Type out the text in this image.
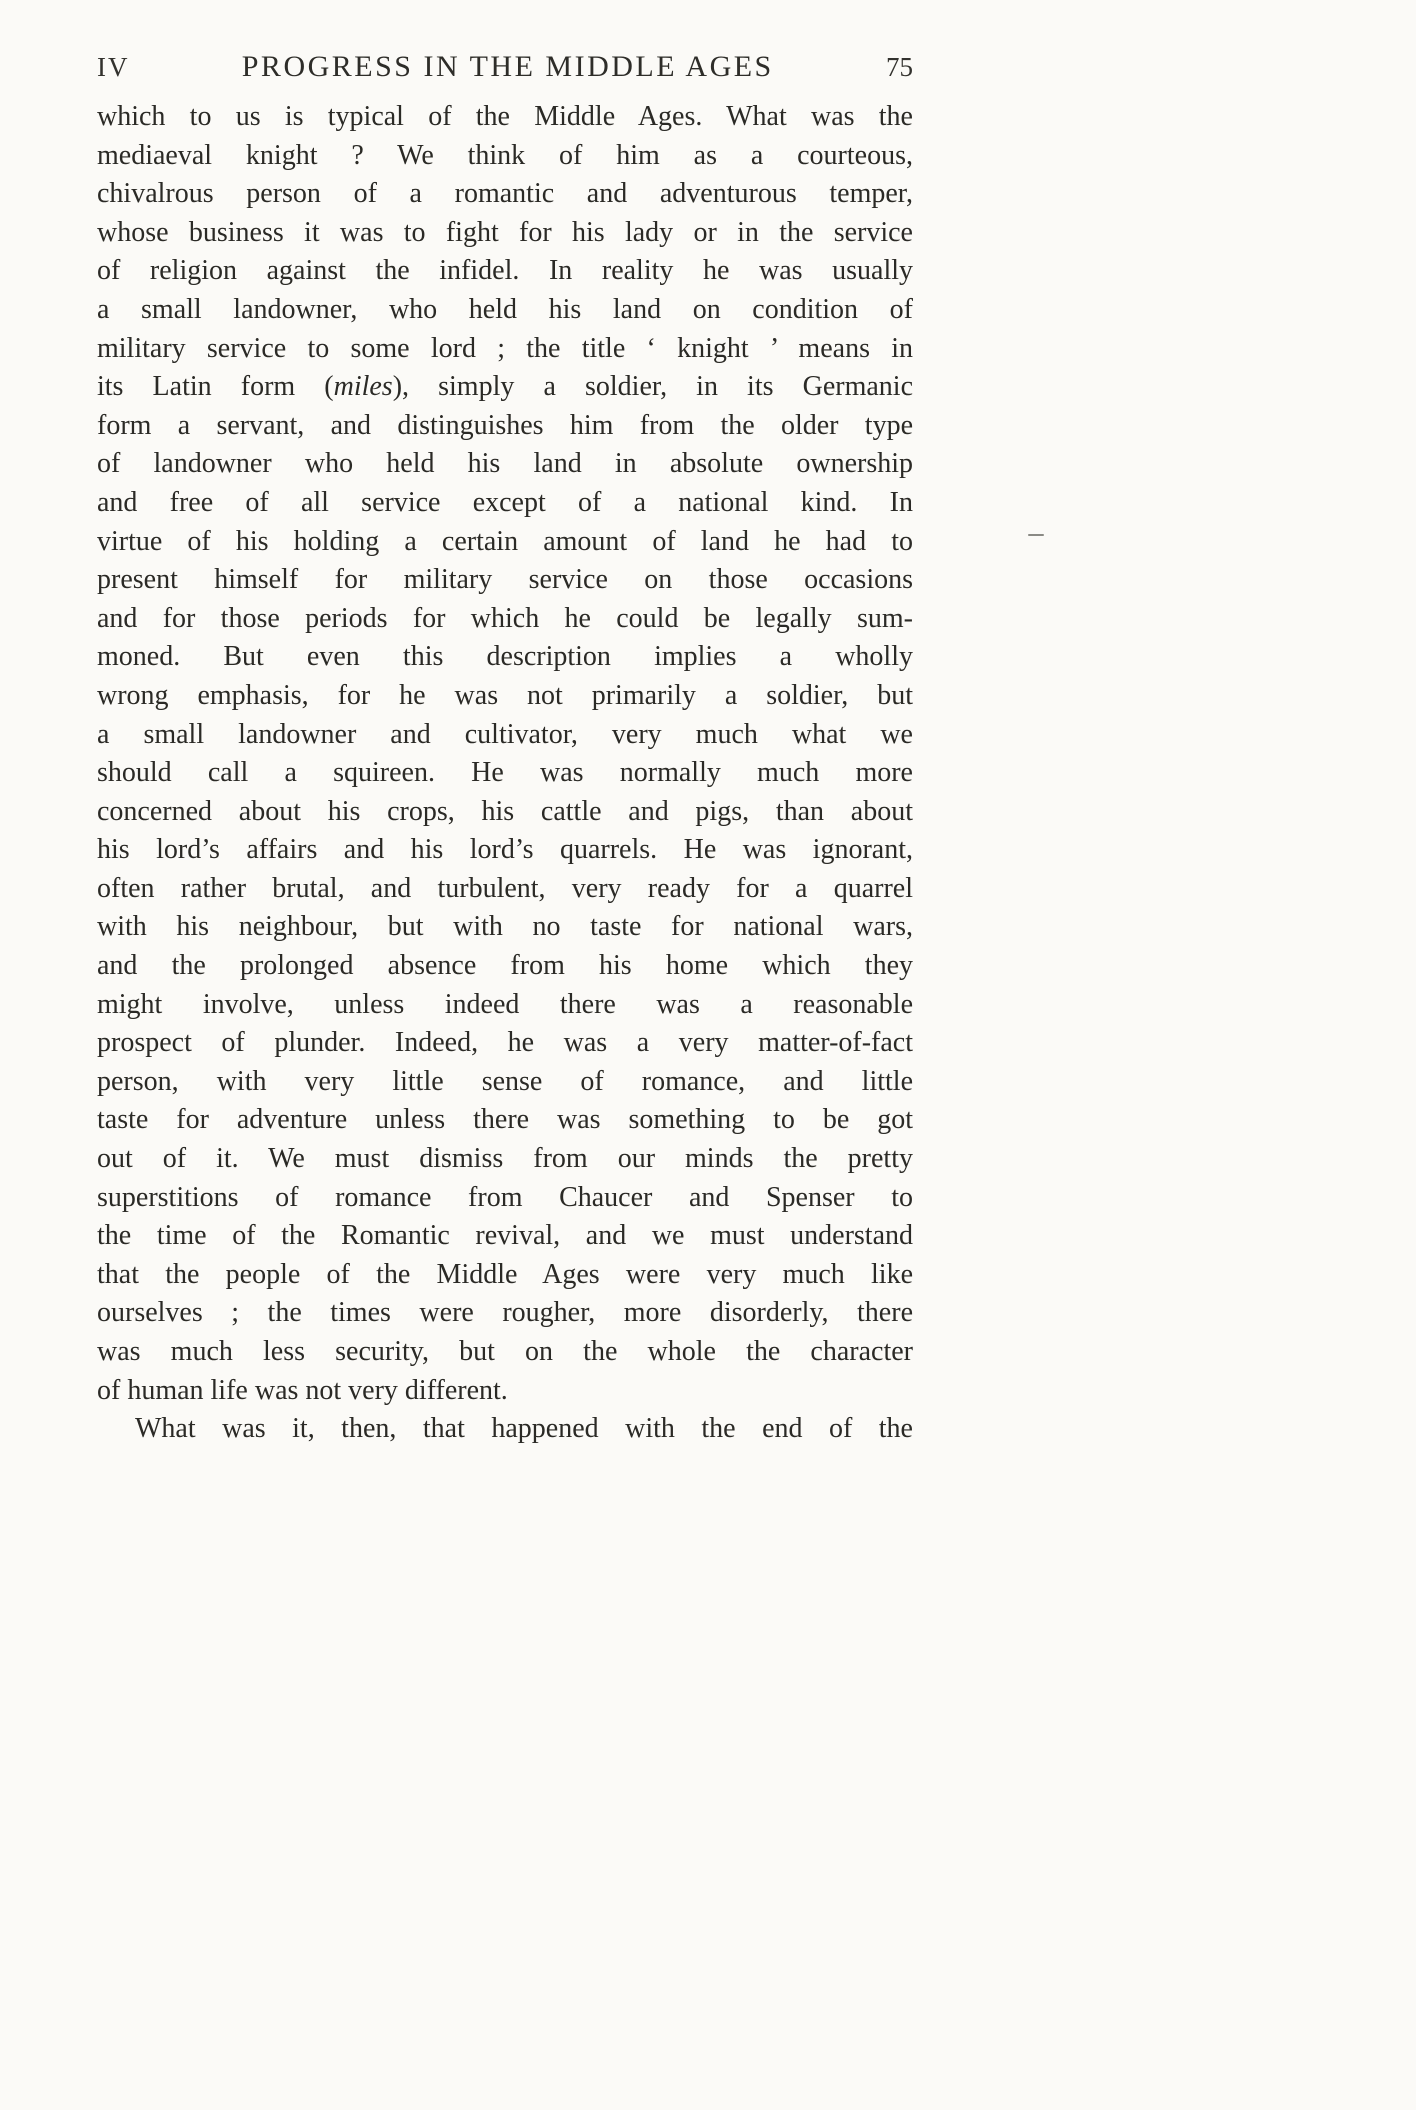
IV	PROGRESS IN THE MIDDLE AGES	75
which to us is typical of the Middle Ages. What was the
mediaeval knight ? We think of him as a courteous,
chivalrous person of a romantic and adventurous temper,
whose business it was to fight for his lady or in the service
of religion against the infidel. In reality he was usually
a small landowner, who held his land on condition of
military service to some lord ; the title ‘ knight ’ means in
its Latin form (miles), simply a soldier, in its Germanic
form a servant, and distinguishes him from the older type
of landowner who held his land in absolute ownership
and free of all service except of a national kind. In
virtue of his holding a certain amount of land he had to
present himself for military service on those occasions
and for those periods for which he could be legally sum-
moned. But even this description implies a wholly
wrong emphasis, for he was not primarily a soldier, but
a small landowner and cultivator, very much what we
should call a squireen. He was normally much more
concerned about his crops, his cattle and pigs, than about
his lord’s affairs and his lord’s quarrels. He was ignorant,
often rather brutal, and turbulent, very ready for a quarrel
with his neighbour, but with no taste for national wars,
and the prolonged absence from his home which they
might involve, unless indeed there was a reasonable
prospect of plunder. Indeed, he was a very matter-of-fact
person, with very little sense of romance, and little
taste for adventure unless there was something to be got
out of it. We must dismiss from our minds the pretty
superstitions of romance from Chaucer and Spenser to
the time of the Romantic revival, and we must understand
that the people of the Middle Ages were very much like
ourselves ; the times were rougher, more disorderly, there
was much less security, but on the whole the character
of human life was not very different.
What was it, then, that happened with the end of the
